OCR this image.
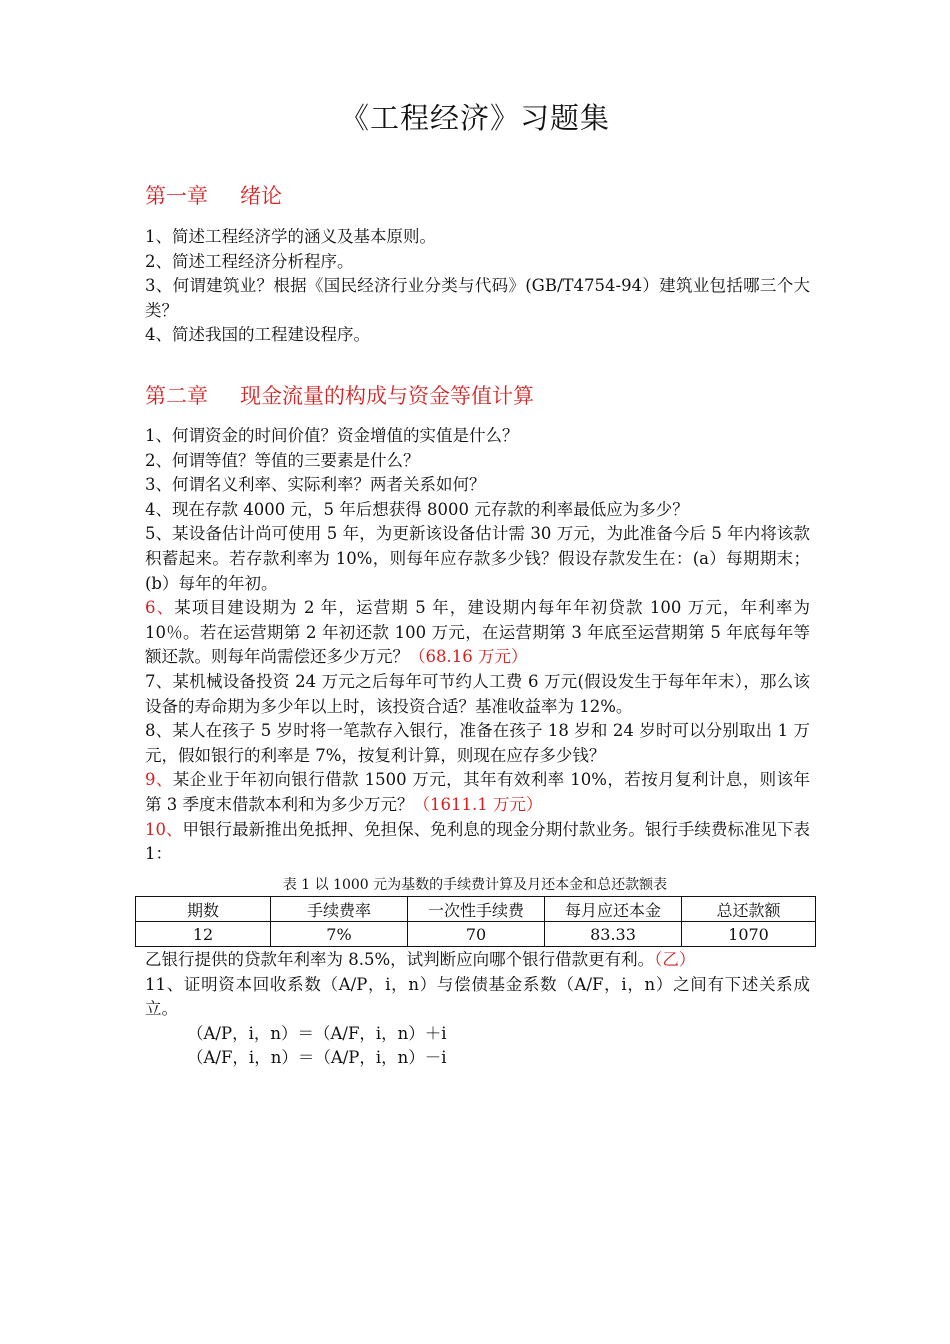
《工程经济》习题集
第一章 绪论

1、简述工程经济学的涵义及基本原则。

2、简述工程经济分析程序。

3、何谓建筑业？根据《国民经济行业分类与代码》(GB/T4754-94）建筑业包括哪三个大类？

4、简述我国的工程建设程序。

第二章 现金流量的构成与资金等值计算

1、何谓资金的时间价值？资金增值的实值是什么？

2、何谓等值？等值的三要素是什么？

3、何谓名义利率、实际利率？两者关系如何？

4、现在存款 4000 元，5 年后想获得 8000 元存款的利率最低应为多少？

5、某设备估计尚可使用 5 年，为更新该设备估计需 30 万元，为此准备今后 5 年内将该款积蓄起来。若存款利率为 10%，则每年应存款多少钱？假设存款发生在：(a）每期期末；(b）每年的年初。

6、某项目建设期为 2 年，运营期 5 年，建设期内每年年初贷款 100 万元，年利率为 10％。若在运营期第 2 年初还款 100 万元，在运营期第 3 年底至运营期第 5 年底每年等额还款。则每年尚需偿还多少万元？（68.16 万元）

7、某机械设备投资 24 万元之后每年可节约人工费 6 万元(假设发生于每年年末），那么该设备的寿命期为多少年以上时，该投资合适？基准收益率为 12%。

8、某人在孩子 5 岁时将一笔款存入银行，准备在孩子 18 岁和 24 岁时可以分别取出 1 万元，假如银行的利率是 7%，按复利计算，则现在应存多少钱？

9、某企业于年初向银行借款 1500 万元，其年有效利率 10%，若按月复利计息，则该年第 3 季度末借款本利和为多少万元？（1611.1 万元）

10、甲银行最新推出免抵押、免担保、免利息的现金分期付款业务。银行手续费标准见下表 1：

表 1 以 1000 元为基数的手续费计算及月还本金和总还款额表
期数	手续费率	一次性手续费	每月应还本金	总还款额
12	7%	70	83.33	1070

乙银行提供的贷款年利率为 8.5%，试判断应向哪个银行借款更有利。（乙）

11、证明资本回收系数（A/P，i，n）与偿债基金系数（A/F，i，n）之间有下述关系成立。

（A/P，i，n）＝（A/F，i，n）＋i

（A/F，i，n）＝（A/P，i，n）－i
